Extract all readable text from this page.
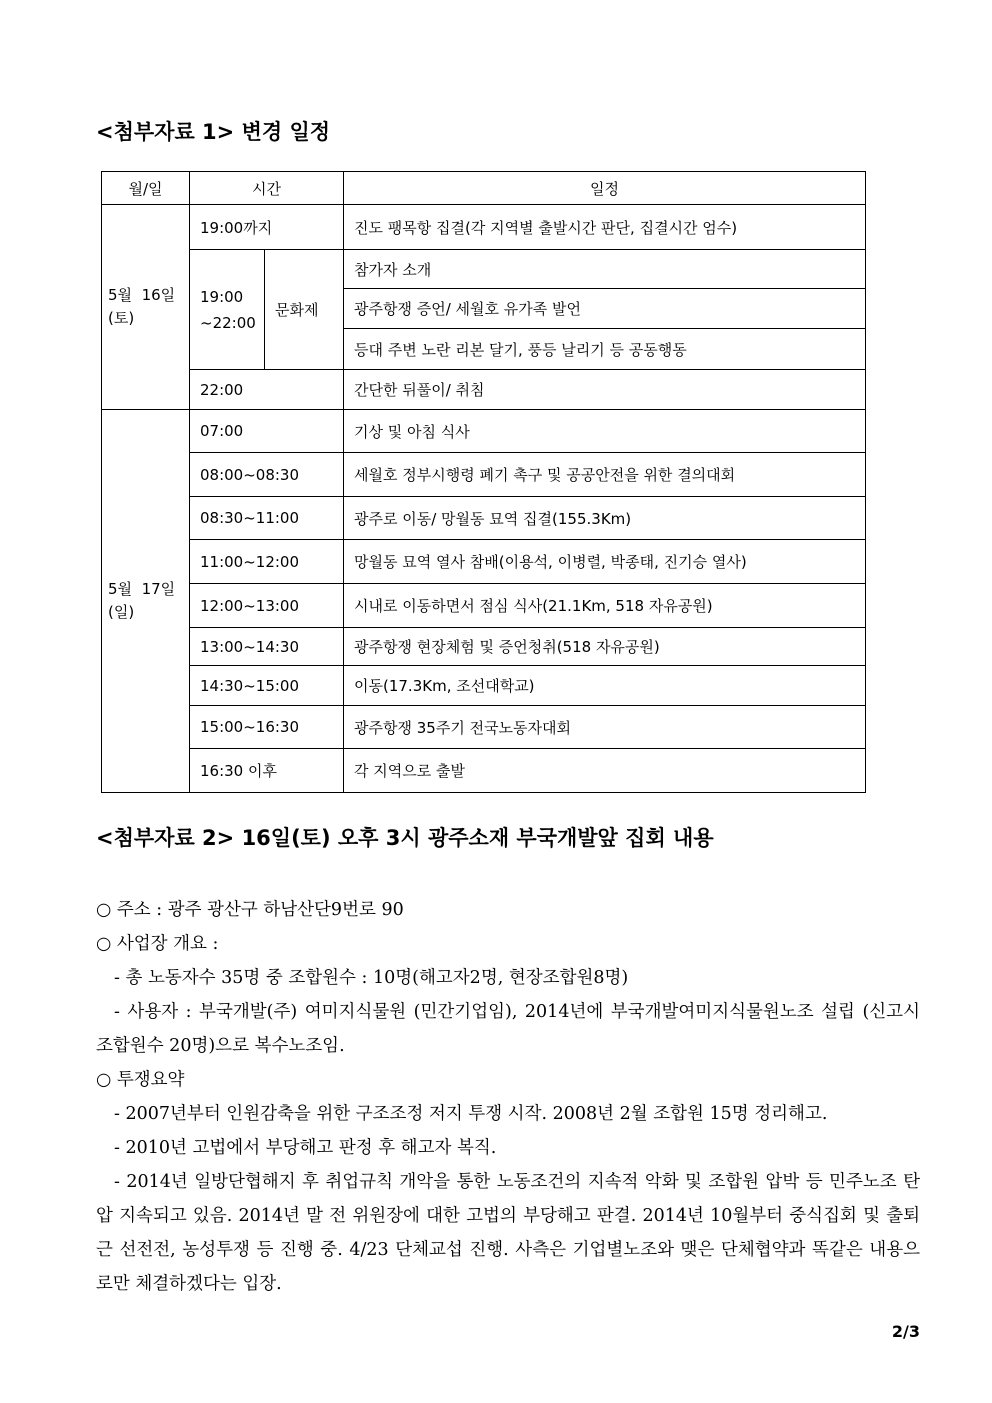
<첨부자료 1> 변경 일정
월/일	시간		일정

5월  16일
(토)	19:00까지		진도 팽목항 집결(각 지역별 출발시간 판단, 집결시간 엄수)

	19:00
~22:00	문화제	참가자 소개
			광주항쟁 증언/ 세월호 유가족 발언
			등대 주변 노란 리본 달기, 풍등 날리기 등 공동행동
	22:00		간단한 뒤풀이/ 취침

5월  17일
(일)	07:00		기상 및 아침 식사
	08:00~08:30		세월호 정부시행령 폐기 촉구 및 공공안전을 위한 결의대회
	08:30~11:00		광주로 이동/ 망월동 묘역 집결(155.3Km)
	11:00~12:00		망월동 묘역 열사 참배(이용석, 이병렬, 박종태, 진기승 열사)
	12:00~13:00		시내로 이동하면서 점심 식사(21.1Km, 518 자유공원)
	13:00~14:30		광주항쟁 현장체험 및 증언청취(518 자유공원)
	14:30~15:00		이동(17.3Km, 조선대학교)
	15:00~16:30		광주항쟁 35주기 전국노동자대회
	16:30 이후		각 지역으로 출발
<첨부자료 2> 16일(토) 오후 3시 광주소재 부국개발앞 집회 내용

○ 주소 : 광주 광산구 하남산단9번로 90

○ 사업장 개요 :

- 총 노동자수 35명 중 조합원수 : 10명(해고자2명, 현장조합원8명)

- 사용자 : 부국개발(주) 여미지식물원 (민간기업임), 2014년에 부국개발여미지식물원노조 설립 (신고시 조합원수 20명)으로 복수노조임.

○ 투쟁요약

- 2007년부터 인원감축을 위한 구조조정 저지 투쟁 시작. 2008년 2월 조합원 15명 정리해고.

- 2010년 고법에서 부당해고 판정 후 해고자 복직.

- 2014년 일방단협해지 후 취업규칙 개악을 통한 노동조건의 지속적 악화 및 조합원 압박 등 민주노조 탄압 지속되고 있음. 2014년 말 전 위원장에 대한 고법의 부당해고 판결. 2014년 10월부터 중식집회 및 출퇴근 선전전, 농성투쟁 등 진행 중. 4/23 단체교섭 진행. 사측은 기업별노조와 맺은 단체협약과 똑같은 내용으로만 체결하겠다는 입장.

2/3
